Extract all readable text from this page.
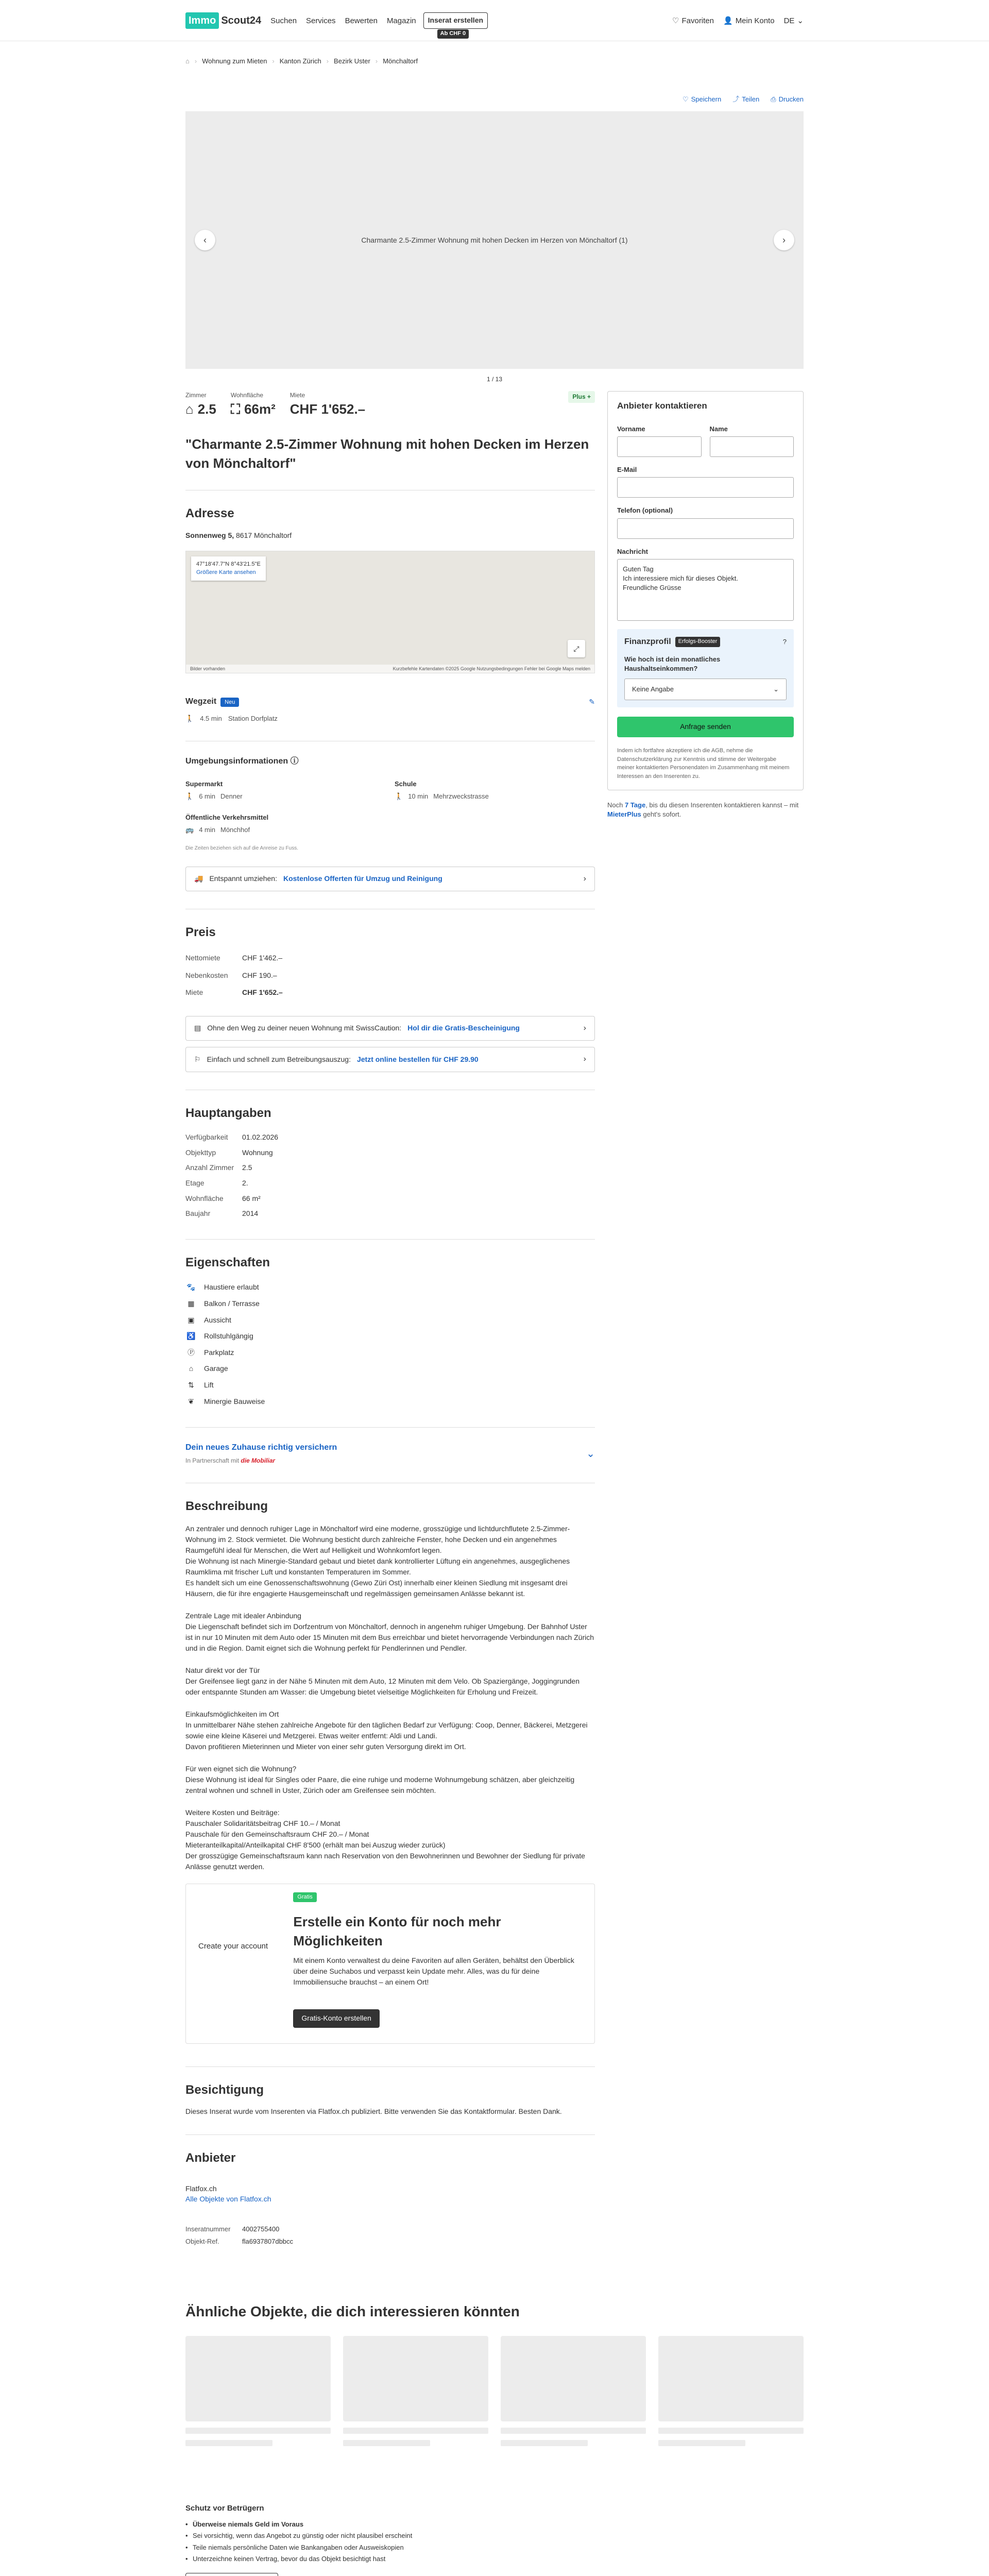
Immo Scout24 Suchen Services Bewerten Magazin	Inserat erstellen
Ab CHF 0
♡ Favoriten 👤 Mein Konto DE ⌄
⌂ › Wohnung zum Mieten › Kanton Zürich › Bezirk Uster › Mönchaltorf
♡ Speichern ⤴ Teilen ⎙ Drucken
Charmante 2.5-Zimmer Wohnung mit hohen Decken im Herzen von Mönchaltorf (1)
‹	›
1 / 13
Zimmer
⌂ 2.5
Wohnfläche
⛶ 66m²
Miete
CHF 1'652.–
Plus +
"Charmante 2.5-Zimmer Wohnung mit hohen Decken im Herzen von Mönchaltorf"
Adresse
Sonnenweg 5, 8617 Mönchaltorf
47°18'47.7"N 8°43'21.5"E
Größere Karte ansehen
⤢
Bilder vorhanden	Kurzbefehle Kartendaten ©2025 Google Nutzungsbedingungen Fehler bei Google Maps melden
Wegzeit Neu	✎
🚶 4.5 min Station Dorfplatz
Umgebungsinformationen ⓘ
Supermarkt
🚶 6 min Denner
Schule
🚶 10 min Mehrzweckstrasse
Öffentliche Verkehrsmittel
🚌 4 min Mönchhof
Die Zeiten beziehen sich auf die Anreise zu Fuss.
🚚 Entspannt umziehen: Kostenlose Offerten für Umzug und Reinigung	›
Preis
Nettomiete	CHF 1'462.–
Nebenkosten	CHF 190.–
Miete	CHF 1'652.–
▤ Ohne den Weg zu deiner neuen Wohnung mit SwissCaution: Hol dir die Gratis-Bescheinigung	›
⚐ Einfach und schnell zum Betreibungsauszug: Jetzt online bestellen für CHF 29.90	›
Hauptangaben
Verfügbarkeit	01.02.2026
Objekttyp	Wohnung
Anzahl Zimmer	2.5
Etage	2.
Wohnfläche	66 m²
Baujahr	2014
Eigenschaften
🐾 Haustiere erlaubt
▦	Balkon / Terrasse
▣	Aussicht
♿ Rollstuhlgängig
Ⓟ Parkplatz
⌂	Garage
⇅	Lift
❦	Minergie Bauweise
Dein neues Zuhause richtig versichern
In Partnerschaft mit die Mobiliar
⌄
Beschreibung

An zentraler und dennoch ruhiger Lage in Mönchaltorf wird eine moderne, grosszügige und lichtdurchflutete 2.5-Zimmer-Wohnung im 2. Stock vermietet. Die Wohnung besticht durch zahlreiche Fenster, hohe Decken und ein angenehmes Raumgefühl ideal für Menschen, die Wert auf Helligkeit und Wohnkomfort legen.
Die Wohnung ist nach Minergie-Standard gebaut und bietet dank kontrollierter Lüftung ein angenehmes, ausgeglichenes Raumklima mit frischer Luft und konstanten Temperaturen im Sommer.
Es handelt sich um eine Genossenschaftswohnung (Gewo Züri Ost) innerhalb einer kleinen Siedlung mit insgesamt drei Häusern, die für ihre engagierte Hausgemeinschaft und regelmässigen gemeinsamen Anlässe bekannt ist.

Zentrale Lage mit idealer Anbindung
Die Liegenschaft befindet sich im Dorfzentrum von Mönchaltorf, dennoch in angenehm ruhiger Umgebung. Der Bahnhof Uster ist in nur 10 Minuten mit dem Auto oder 15 Minuten mit dem Bus erreichbar und bietet hervorragende Verbindungen nach Zürich und in die Region. Damit eignet sich die Wohnung perfekt für Pendlerinnen und Pendler.

Natur direkt vor der Tür
Der Greifensee liegt ganz in der Nähe 5 Minuten mit dem Auto, 12 Minuten mit dem Velo. Ob Spaziergänge, Joggingrunden oder entspannte Stunden am Wasser: die Umgebung bietet vielseitige Möglichkeiten für Erholung und Freizeit.

Einkaufsmöglichkeiten im Ort
In unmittelbarer Nähe stehen zahlreiche Angebote für den täglichen Bedarf zur Verfügung: Coop, Denner, Bäckerei, Metzgerei sowie eine kleine Käserei und Metzgerei. Etwas weiter entfernt: Aldi und Landi.
Davon profitieren Mieterinnen und Mieter von einer sehr guten Versorgung direkt im Ort.

Für wen eignet sich die Wohnung?
Diese Wohnung ist ideal für Singles oder Paare, die eine ruhige und moderne Wohnumgebung schätzen, aber gleichzeitig zentral wohnen und schnell in Uster, Zürich oder am Greifensee sein möchten.

Weitere Kosten und Beiträge:
Pauschaler Solidaritätsbeitrag CHF 10.– / Monat
Pauschale für den Gemeinschaftsraum CHF 20.– / Monat
Mieteranteilkapital/Anteilkapital CHF 8'500 (erhält man bei Auszug wieder zurück)
Der grosszügige Gemeinschaftsraum kann nach Reservation von den Bewohnerinnen und Bewohner der Siedlung für private Anlässe genutzt werden.

Create your account
Gratis
Erstelle ein Konto für noch mehr Möglichkeiten

Mit einem Konto verwaltest du deine Favoriten auf allen Geräten, behältst den Überblick über deine Suchabos und verpasst kein Update mehr. Alles, was du für deine Immobiliensuche brauchst – an einem Ort!

Gratis-Konto erstellen
Besichtigung
Dieses Inserat wurde vom Inserenten via Flatfox.ch publiziert. Bitte verwenden Sie das Kontaktformular. Besten Dank.
Anbieter
Flatfox.ch
Alle Objekte von Flatfox.ch
Inseratnummer	4002755400
Objekt-Ref.	fla6937807dbbcc
Anbieter kontaktieren
Vorname	Name
E-Mail
Telefon (optional)
Nachricht
Guten Tag
Ich interessiere mich für dieses Objekt.
Freundliche Grüsse
Finanzprofil	Erfolgs-Booster	?
Wie hoch ist dein monatliches Haushaltseinkommen?
Keine Angabe	⌄
Anfrage senden
Indem ich fortfahre akzeptiere ich die AGB, nehme die Datenschutzerklärung zur Kenntnis und stimme der Weitergabe meiner kontaktierten Personendaten im Zusammenhang mit meinem Interessen an den Inserenten zu.
Noch 7 Tage, bis du diesen Inserenten kontaktieren kannst – mit MieterPlus geht's sofort.
Ähnliche Objekte, die dich interessieren könnten
Schutz vor Betrügern
• Überweise niemals Geld im Voraus
• Sei vorsichtig, wenn das Angebot zu günstig oder nicht plausibel erscheint
• Teile niemals persönliche Daten wie Bankangaben oder Ausweiskopien
• Unterzeichne keinen Vertrag, bevor du das Objekt besichtigt hast
